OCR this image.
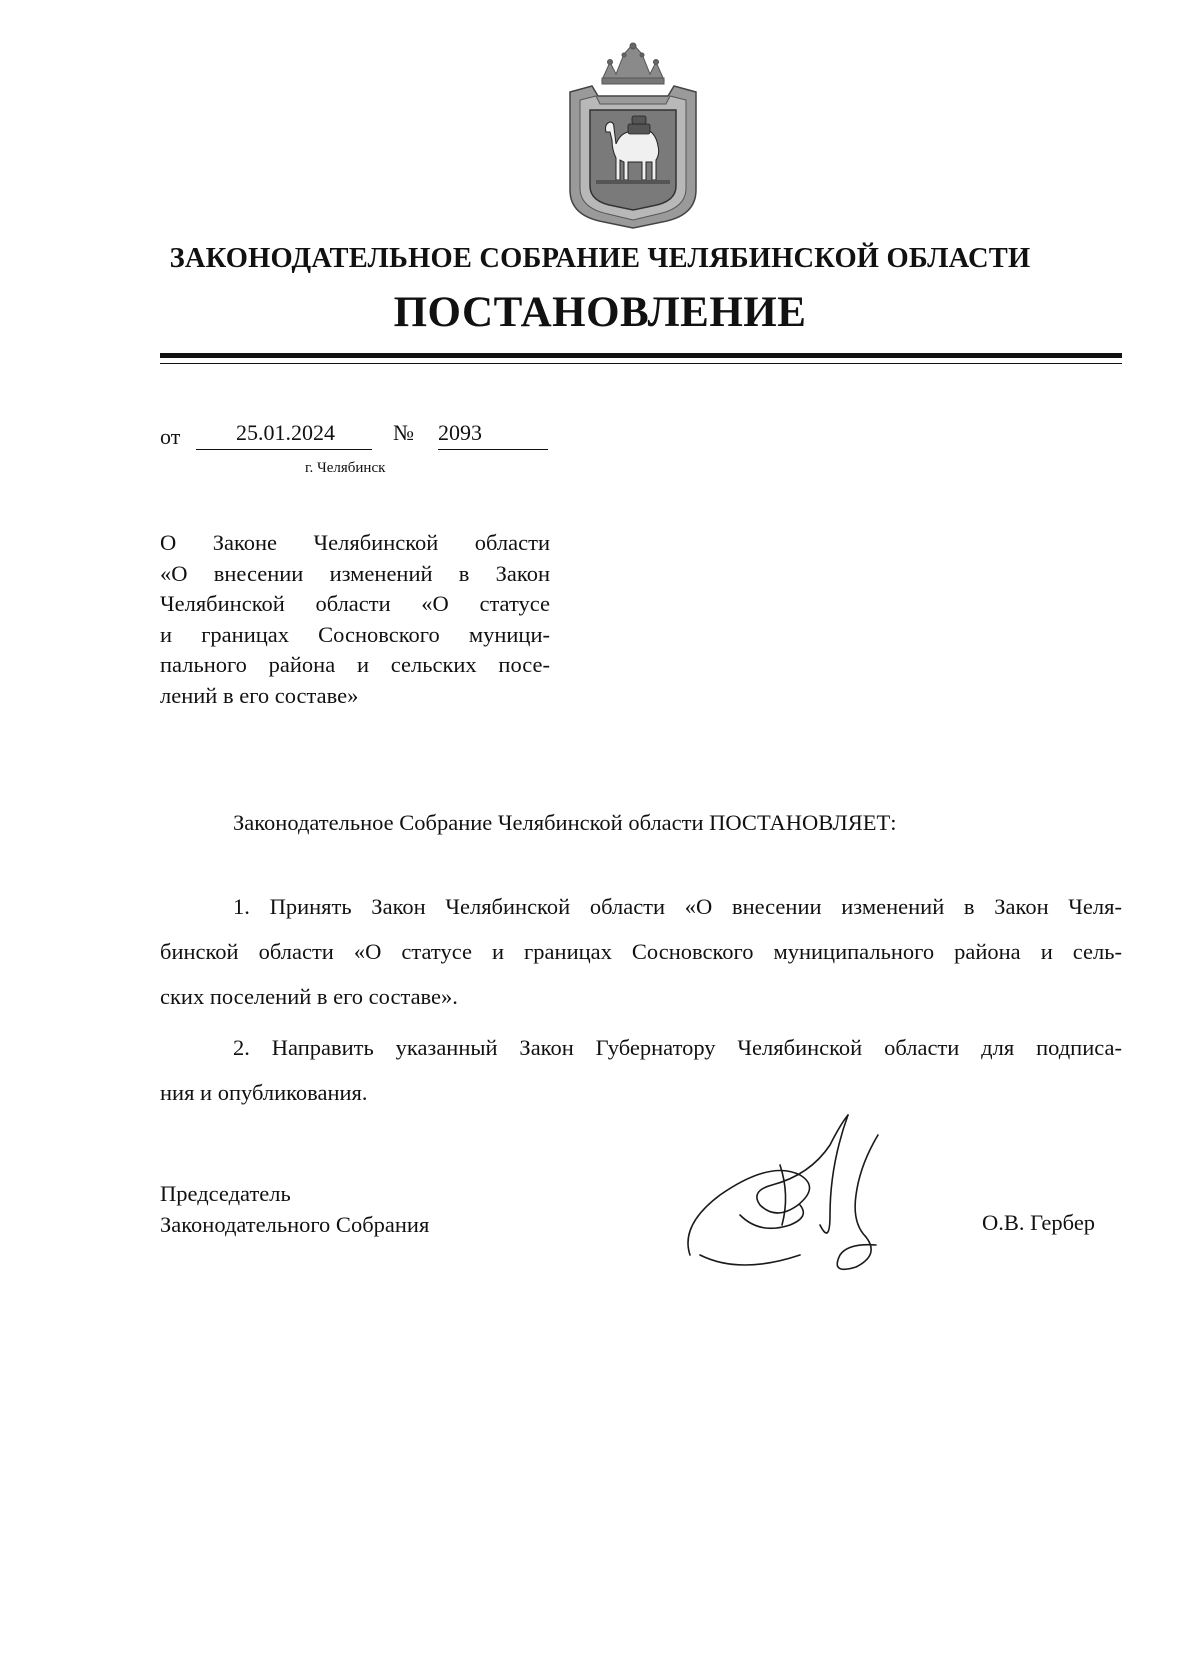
ЗАКОНОДАТЕЛЬНОЕ СОБРАНИЕ ЧЕЛЯБИНСКОЙ ОБЛАСТИ
ПОСТАНОВЛЕНИЕ
от	25.01.2024	№ 2093
г. Челябинск
О Законе Челябинской области
«О внесении изменений в Закон
Челябинской области «О статусе
и границах Сосновского муници-
пального района и сельских посе-
лений в его составе»
Законодательное Собрание Челябинской области ПОСТАНОВЛЯЕТ:
1. Принять Закон Челябинской области «О внесении изменений в Закон Челя-
бинской области «О статусе и границах Сосновского муниципального района и сель-
ских поселений в его составе».
2. Направить указанный Закон Губернатору Челябинской области для подписа-
ния и опубликования.
Председатель
Законодательного Собрания	О.В. Гербер
